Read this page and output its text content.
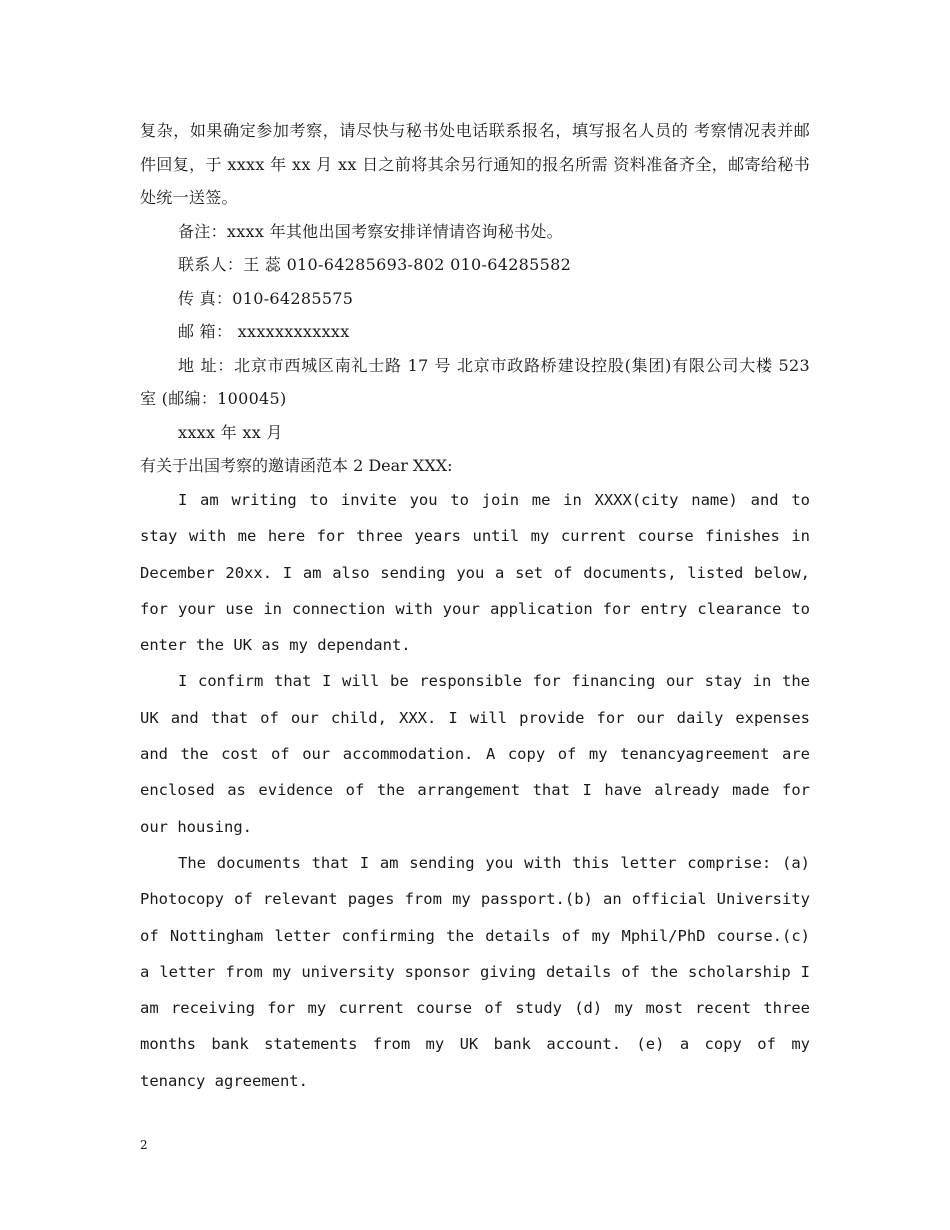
复杂，如果确定参加考察，请尽快与秘书处电话联系报名，填写报名人员的 考察情况表并邮件回复，于 xxxx 年 xx 月 xx 日之前将其余另行通知的报名所需 资料准备齐全，邮寄给秘书处统一送签。

备注：xxxx 年其他出国考察安排详情请咨询秘书处。

联系人：王 蕊 010-64285693-802 010-64285582

传 真：010-64285575

邮 箱： xxxxxxxxxxxx

地 址：北京市西城区南礼士路 17 号 北京市政路桥建设控股(集团)有限公司大楼 523 室 (邮编：100045)

xxxx 年 xx 月

有关于出国考察的邀请函范本 2 Dear XXX:

I am writing to invite you to join me in XXXX(city name) and to stay with me here for three years until my current course finishes in December 20xx. I am also sending you a set of documents, listed below, for your use in connection with your application for entry clearance to enter the UK as my dependant.

I confirm that I will be responsible for financing our stay in the UK and that of our child, XXX. I will provide for our daily expenses and the cost of our accommodation. A copy of my tenancyagreement are enclosed as evidence of the arrangement that I have already made for our housing.

The documents that I am sending you with this letter comprise: (a) Photocopy of relevant pages from my passport.(b) an official University of Nottingham letter confirming the details of my Mphil/PhD course.(c) a letter from my university sponsor giving details of the scholarship I am receiving for my current course of study (d) my most recent three months bank statements from my UK bank account. (e) a copy of my tenancy agreement.

2
